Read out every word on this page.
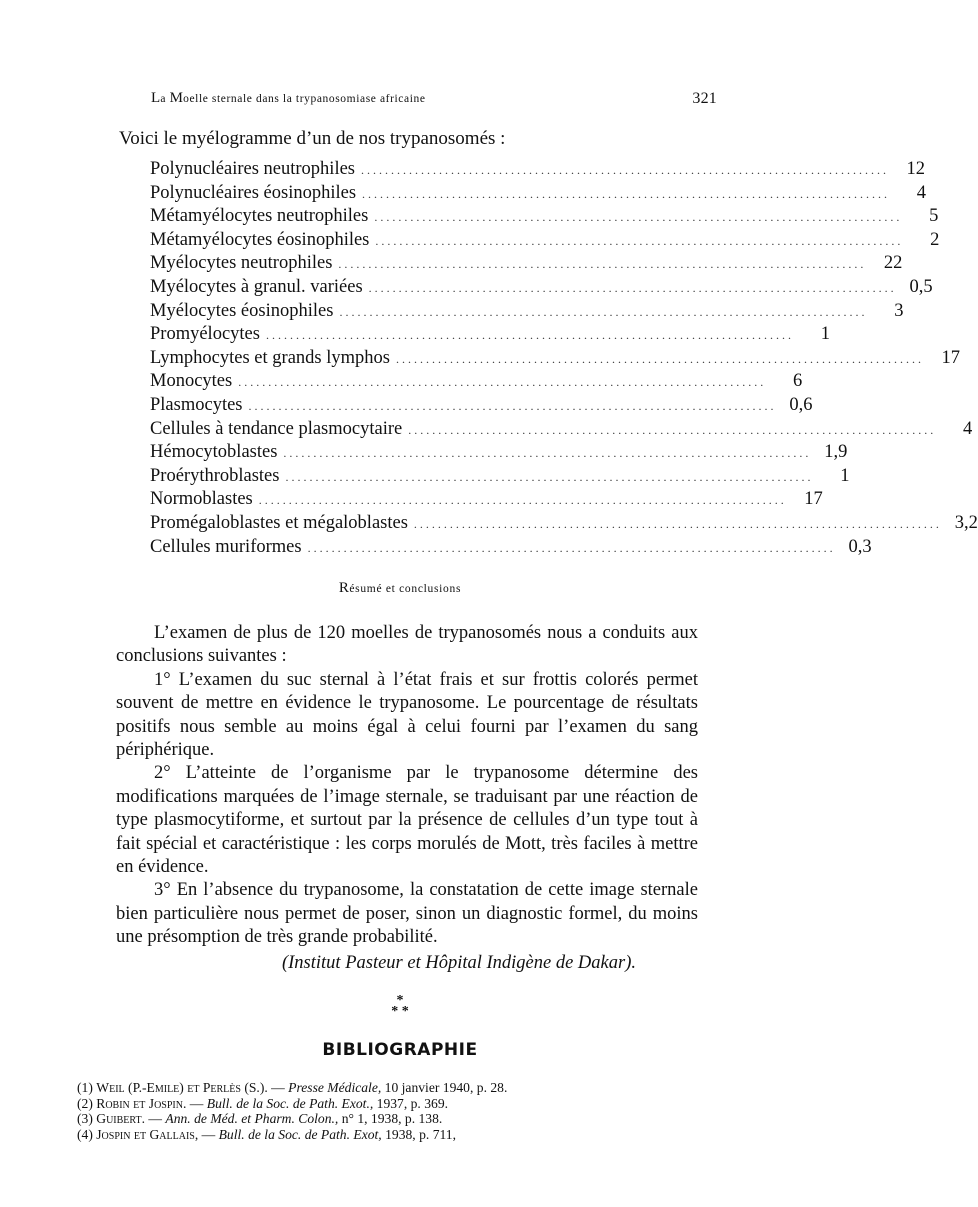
La Moelle sternale dans la trypanosomiase africaine	321
Voici le myélogramme d’un de nos trypanosomés :
Polynucléaires neutrophiles ........................................................................................ 12
Polynucléaires éosinophiles ........................................................................................	4
Métamyélocytes neutrophiles ........................................................................................	5
Métamyélocytes éosinophiles ........................................................................................	2
Myélocytes neutrophiles ........................................................................................ 22
Myélocytes à granul. variées ........................................................................................ 0,5
Myélocytes éosinophiles ........................................................................................	3
Promyélocytes ........................................................................................	1
Lymphocytes et grands lymphos ........................................................................................ 17
Monocytes ........................................................................................	6
Plasmocytes ........................................................................................ 0,6
Cellules à tendance plasmocytaire ........................................................................................	4
Hémocytoblastes ........................................................................................ 1,9
Proérythroblastes ........................................................................................	1
Normoblastes ........................................................................................ 17
Promégaloblastes et mégaloblastes ........................................................................................ 3,2
Cellules muriformes ........................................................................................ 0,3
Résumé et conclusions

L’examen de plus de 120 moelles de trypanosomés nous a conduits aux conclusions suivantes :

1° L’examen du suc sternal à l’état frais et sur frottis colorés permet souvent de mettre en évidence le trypanosome. Le pourcentage de résultats positifs nous semble au moins égal à celui fourni par l’examen du sang périphérique.

2° L’atteinte de l’organisme par le trypanosome détermine des modifications marquées de l’image sternale, se traduisant par une réaction de type plasmocytiforme, et surtout par la présence de cellules d’un type tout à fait spécial et caractéristique : les corps morulés de Mott, très faciles à mettre en évidence.

3° En l’absence du trypanosome, la constatation de cette image sternale bien particulière nous permet de poser, sinon un diagnostic formel, du moins une présomption de très grande probabilité.

(Institut Pasteur et Hôpital Indigène de Dakar).

*
* *
BIBLIOGRAPHIE
(1) Weil (P.-Emile) et Perlès (S.). — Presse Médicale, 10 janvier 1940, p. 28.
(2) Robin et Jospin. — Bull. de la Soc. de Path. Exot., 1937, p. 369.
(3) Guibert. — Ann. de Méd. et Pharm. Colon., n° 1, 1938, p. 138.
(4) Jospin et Gallais, — Bull. de la Soc. de Path. Exot, 1938, p. 711,
